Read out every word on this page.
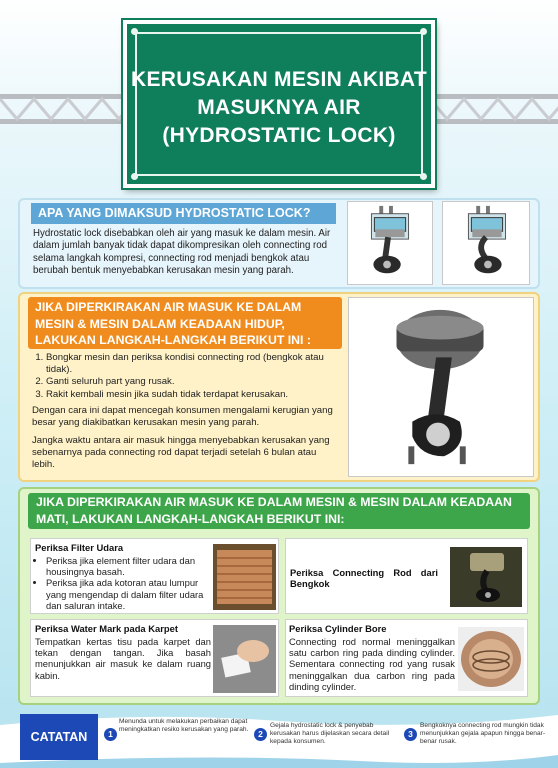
KERUSAKAN MESIN AKIBAT
MASUKNYA AIR
(HYDROSTATIC LOCK)
APA YANG DIMAKSUD HYDROSTATIC LOCK?
Hydrostatic lock disebabkan oleh air yang masuk ke dalam mesin. Air dalam jumlah banyak tidak dapat dikompresikan oleh connecting rod selama langkah kompresi, connecting rod menjadi bengkok atau berubah bentuk menyebabkan kerusakan mesin yang parah.
JIKA DIPERKIRAKAN AIR MASUK KE DALAM
MESIN & MESIN DALAM KEADAAN HIDUP,
LAKUKAN LANGKAH-LANGKAH BERIKUT INI :
1. Bongkar mesin dan periksa kondisi connecting rod (bengkok atau tidak).
2. Ganti seluruh part yang rusak.
3. Rakit kembali mesin jika sudah tidak terdapat kerusakan.
Dengan cara ini dapat mencegah konsumen mengalami kerugian yang besar yang diakibatkan kerusakan mesin yang parah.
Jangka waktu antara air masuk hingga menyebabkan kerusakan yang sebenarnya pada connecting rod dapat terjadi setelah 6 bulan atau lebih.
JIKA DIPERKIRAKAN AIR MASUK KE DALAM MESIN & MESIN DALAM KEADAAN
MATI, LAKUKAN LANGKAH-LANGKAH BERIKUT INI:
Periksa Filter Udara
• Periksa jika element filter udara dan housingnya basah.
• Periksa jika ada kotoran atau lumpur yang mengendap di dalam filter udara dan saluran intake.
Periksa Connecting Rod dari Bengkok
Periksa Water Mark pada Karpet
Tempatkan kertas tisu pada karpet dan tekan dengan tangan. Jika basah menunjukkan air masuk ke dalam ruang kabin.
Periksa Cylinder Bore
Connecting rod normal meninggalkan satu carbon ring pada dinding cylinder. Sementara connecting rod yang rusak meninggalkan dua carbon ring pada dinding cylinder.
CATATAN	1
Menunda untuk melakukan perbaikan dapat meningkatkan resiko kerusakan yang parah.	2
Gejala hydrostatic lock & penyebab kerusakan harus dijelaskan secara detail kepada konsumen.
3
Bengkoknya connecting rod mungkin tidak menunjukkan gejala apapun hingga benar-benar rusak.
